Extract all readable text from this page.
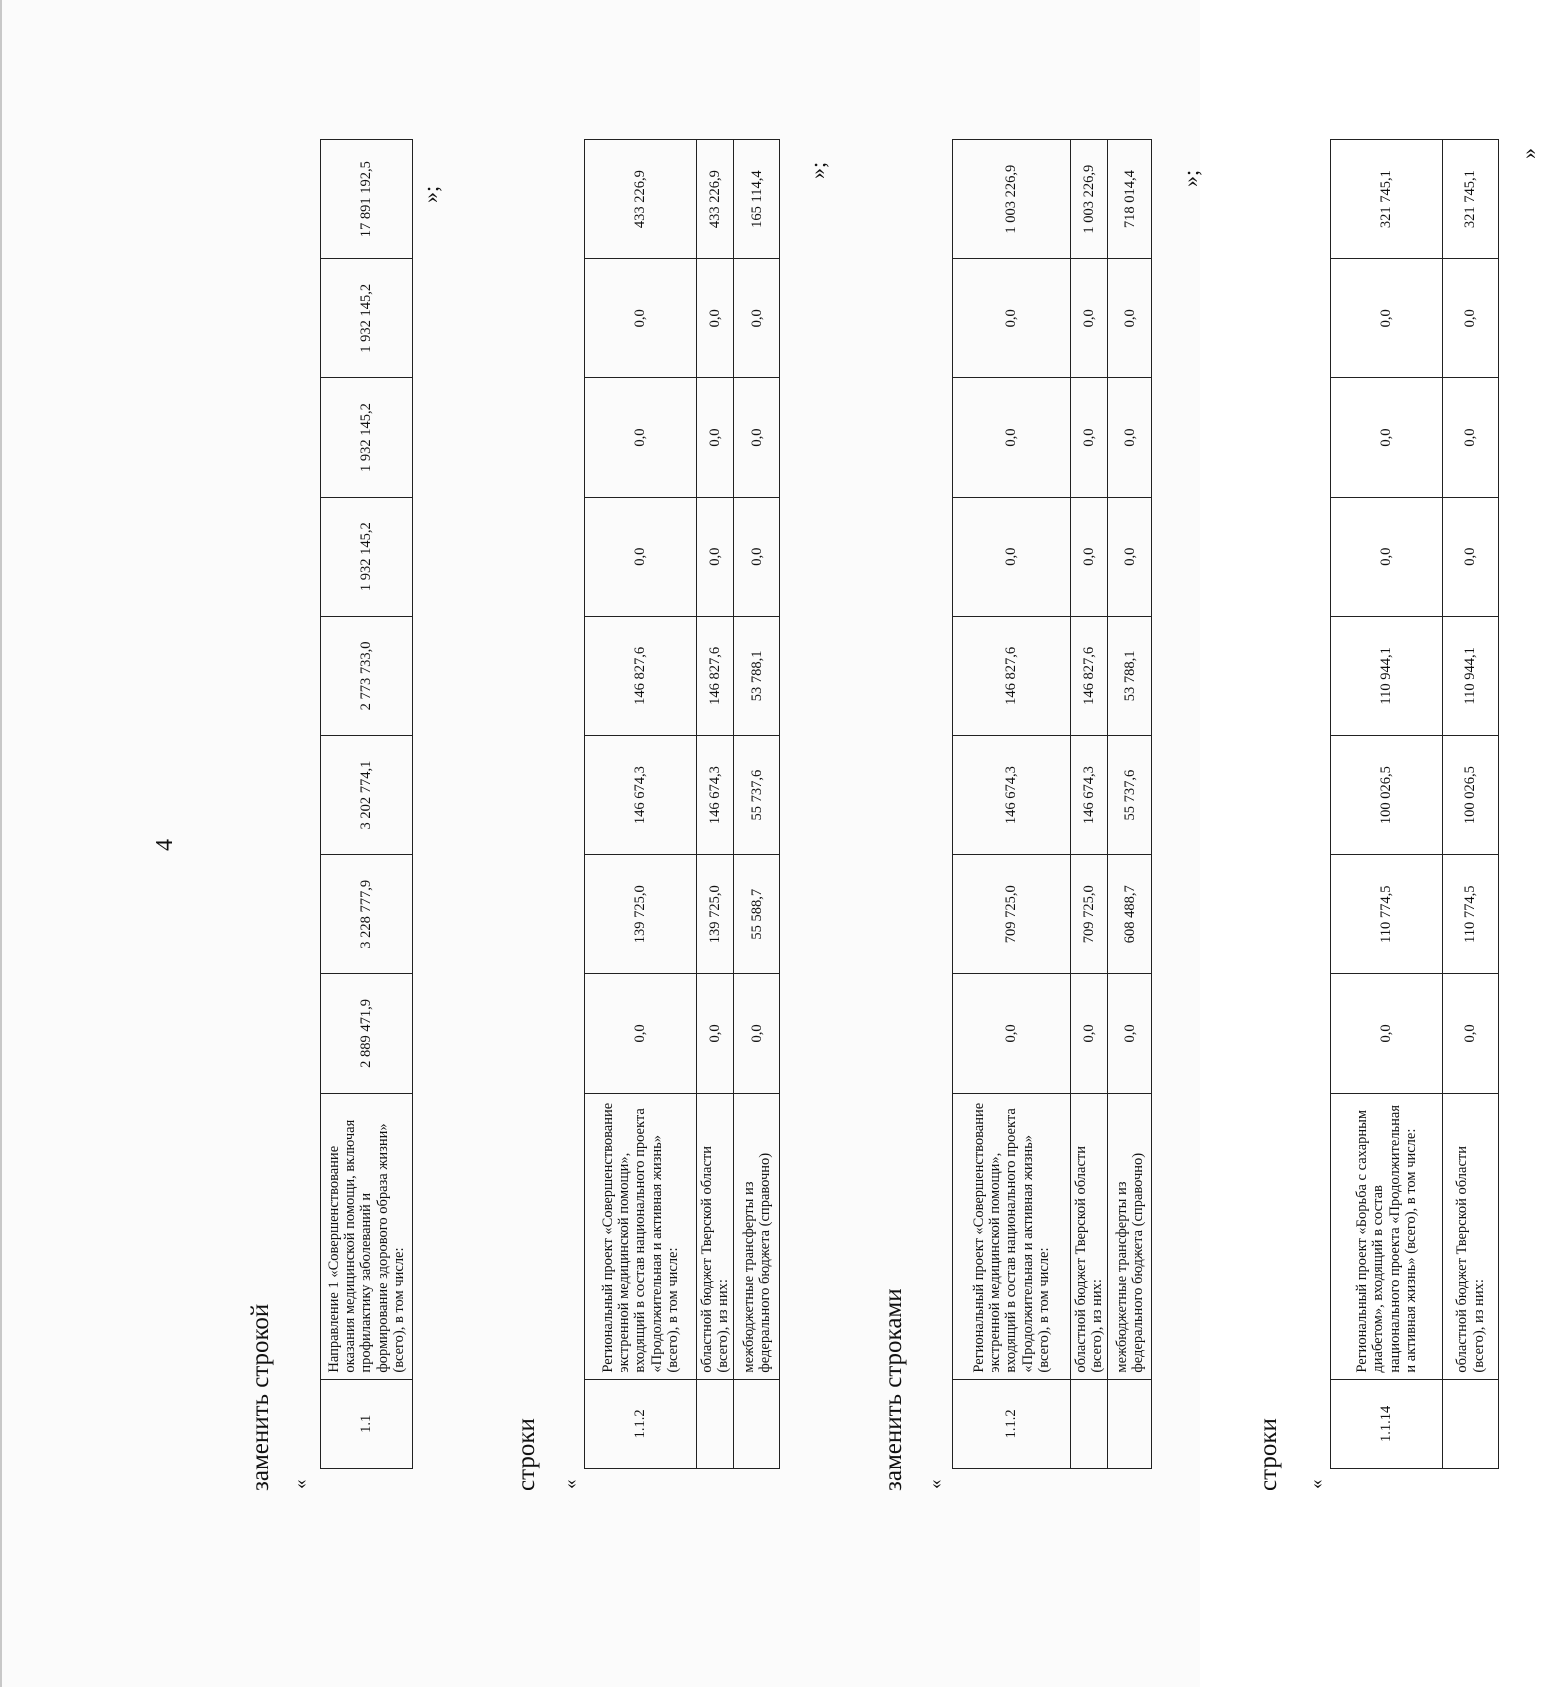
4
заменить строкой «
1.1	Направление 1 «Совершенствование оказания медицинской помощи, включая профилактику заболеваний и формирование здорового образа жизни» (всего), в том числе:	2 889 471,9	3 228 777,9	3 202 774,1	2 773 733,0	1 932 145,2	1 932 145,2	1 932 145,2	17 891 192,5 »;
строки «
1.1.2	Региональный проект «Совершенствование экстренной медицинской помощи», входящий в состав национального проекта «Продолжительная и активная жизнь» (всего), в том числе:	0,0	139 725,0	146 674,3	146 827,6	0,0	0,0	0,0	433 226,9
	областной бюджет Тверской области (всего), из них:	0,0	139 725,0	146 674,3	146 827,6	0,0	0,0	0,0	433 226,9
	межбюджетные трансферты из федерального бюджета (справочно)	0,0	55 588,7	55 737,6	53 788,1	0,0	0,0	0,0	165 114,4 »;
заменить строками «
1.1.2	Региональный проект «Совершенствование экстренной медицинской помощи», входящий в состав национального проекта «Продолжительная и активная жизнь» (всего), в том числе:	0,0	709 725,0	146 674,3	146 827,6	0,0	0,0	0,0	1 003 226,9
	областной бюджет Тверской области (всего), из них:	0,0	709 725,0	146 674,3	146 827,6	0,0	0,0	0,0	1 003 226,9
	межбюджетные трансферты из федерального бюджета (справочно)	0,0	608 488,7	55 737,6	53 788,1	0,0	0,0	0,0	718 014,4 »;
строки «
1.1.14	Региональный проект «Борьба с сахарным диабетом», входящий в состав национального проекта «Продолжительная и активная жизнь» (всего), в том числе:	0,0	110 774,5	100 026,5	110 944,1	0,0	0,0	0,0	321 745,1
	областной бюджет Тверской области (всего), из них:	0,0	110 774,5	100 026,5	110 944,1	0,0	0,0	0,0	321 745,1
»
